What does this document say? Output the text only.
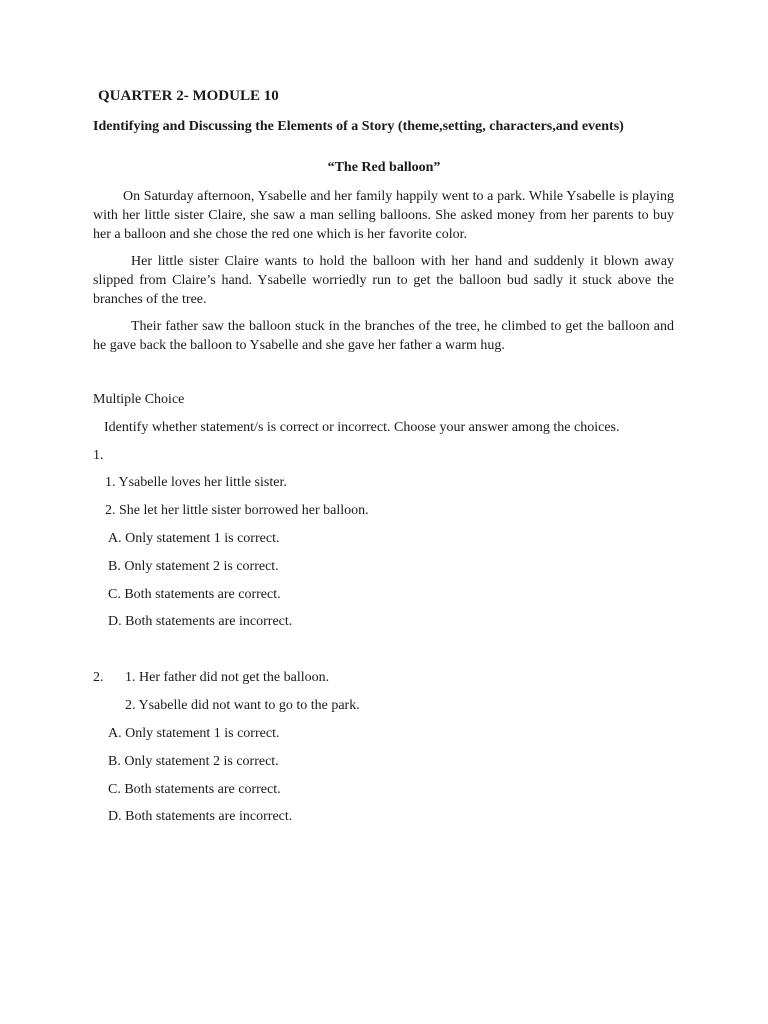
QUARTER 2- MODULE 10
Identifying and Discussing the Elements of a Story (theme,setting, characters,and events)
“The Red balloon”
On Saturday afternoon, Ysabelle and her family happily went to a park. While Ysabelle is playing with her little sister Claire, she saw a man selling balloons. She asked money from her parents to buy her a balloon and she chose the red one which is her favorite color.
Her little sister Claire wants to hold the balloon with her hand and suddenly it blown away slipped from Claire’s hand. Ysabelle worriedly run to get the balloon bud sadly it stuck above the branches of the tree.
Their father saw the balloon stuck in the branches of the tree, he climbed to get the balloon and he gave back the balloon to Ysabelle and she gave her father a warm hug.
Multiple Choice
Identify whether statement/s is correct or incorrect. Choose your answer among the choices.
1.
1. Ysabelle loves her little sister.
2. She let her little sister borrowed her balloon.
A. Only statement 1 is correct.
B. Only statement 2 is correct.
C. Both statements are correct.
D. Both statements are incorrect.
2. 1. Her father did not get the balloon.
2. Ysabelle did not want to go to the park.
A. Only statement 1 is correct.
B. Only statement 2 is correct.
C. Both statements are correct.
D. Both statements are incorrect.
